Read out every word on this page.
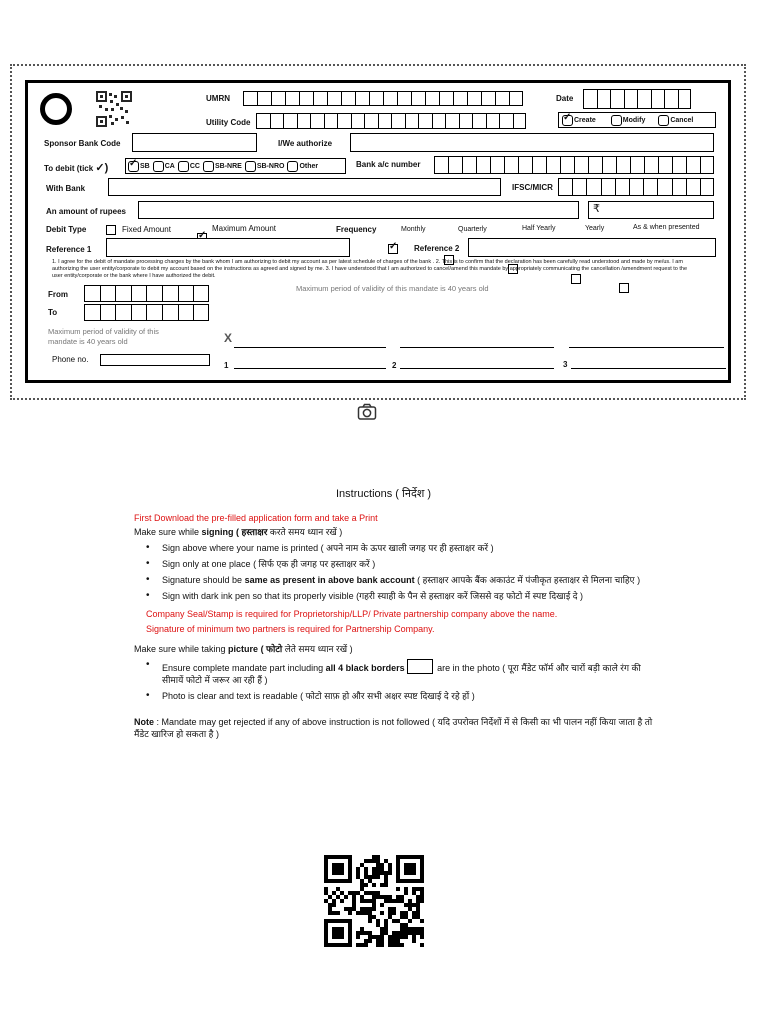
UMRN	Date
Utility Code ✓	Create	Modify	Cancel
Sponsor Bank Code	I/We authorize
To debit (tick ✓) ✓	SB CA CC SB-NRE SB-NRO Other	Bank a/c number
With Bank	IFSC/MICR
An amount of rupees	₹
Debit Type	Fixed Amount
✓	Maximum Amount	Frequency
✓	Monthly	Quarterly	Half Yearly	Yearly	As & when presented
Reference 1	Reference 2
1. I agree for the debit of mandate processing charges by the bank whom I am authorizing to debit my account as per latest schedule of charges of the bank . 2. This is to confirm that the declaration has been carefully read understood and made by me/us. I am authorizing the user entity/corporate to debit my account based on the instructions as agreed and signed by me. 3. I have understood that I am authorized to cancel/amend this mandate by appropriately communicating the cancellation /amendment request to the user entity/corporate or the bank where I have authorized the debit.
Maximum period of validity of this mandate is 40 years old
From
To
Maximum period of validity of this mandate is 40 years old	X
Phone no.
1	2	3
Instructions ( निर्देश )
First Download the pre-filled application form and take a Print
Make sure while signing ( हस्ताक्षर करते समय ध्यान रखें )
• Sign above where your name is printed ( अपने नाम के ऊपर खाली जगह पर ही हस्ताक्षर करें )
• Sign only at one place ( सिर्फ एक ही जगह पर हस्ताक्षर करें )
• Signature should be same as present in above bank account ( हस्ताक्षर आपके बैंक अकाउंट में पंजीकृत हस्ताक्षर से मिलना चाहिए )
• Sign with dark ink pen so that its properly visible (गहरी स्याही के पैन से हस्ताक्षर करें जिससे वह फोटो में स्पष्ट दिखाई दे )
Company Seal/Stamp is required for Proprietorship/LLP/ Private partnership company above the name.
Signature of minimum two partners is required for Partnership Company.
Make sure while taking picture ( फोटो लेते समय ध्यान रखें )
• Ensure complete mandate part including all 4 black borders	are in the photo ( पूरा मैंडेट फॉर्म और चारों बड़ी काले रंग की सीमायें फोटो में जरूर आ रही हैं )
• Photo is clear and text is readable ( फोटो साफ़ हो और सभी अक्षर स्पष्ट दिखाई दे रहे हों )
Note : Mandate may get rejected if any of above instruction is not followed ( यदि उपरोक्त निर्देशों में से किसी का भी पालन नहीं किया जाता है तो मैंडेट खारिज हो सकता है )
